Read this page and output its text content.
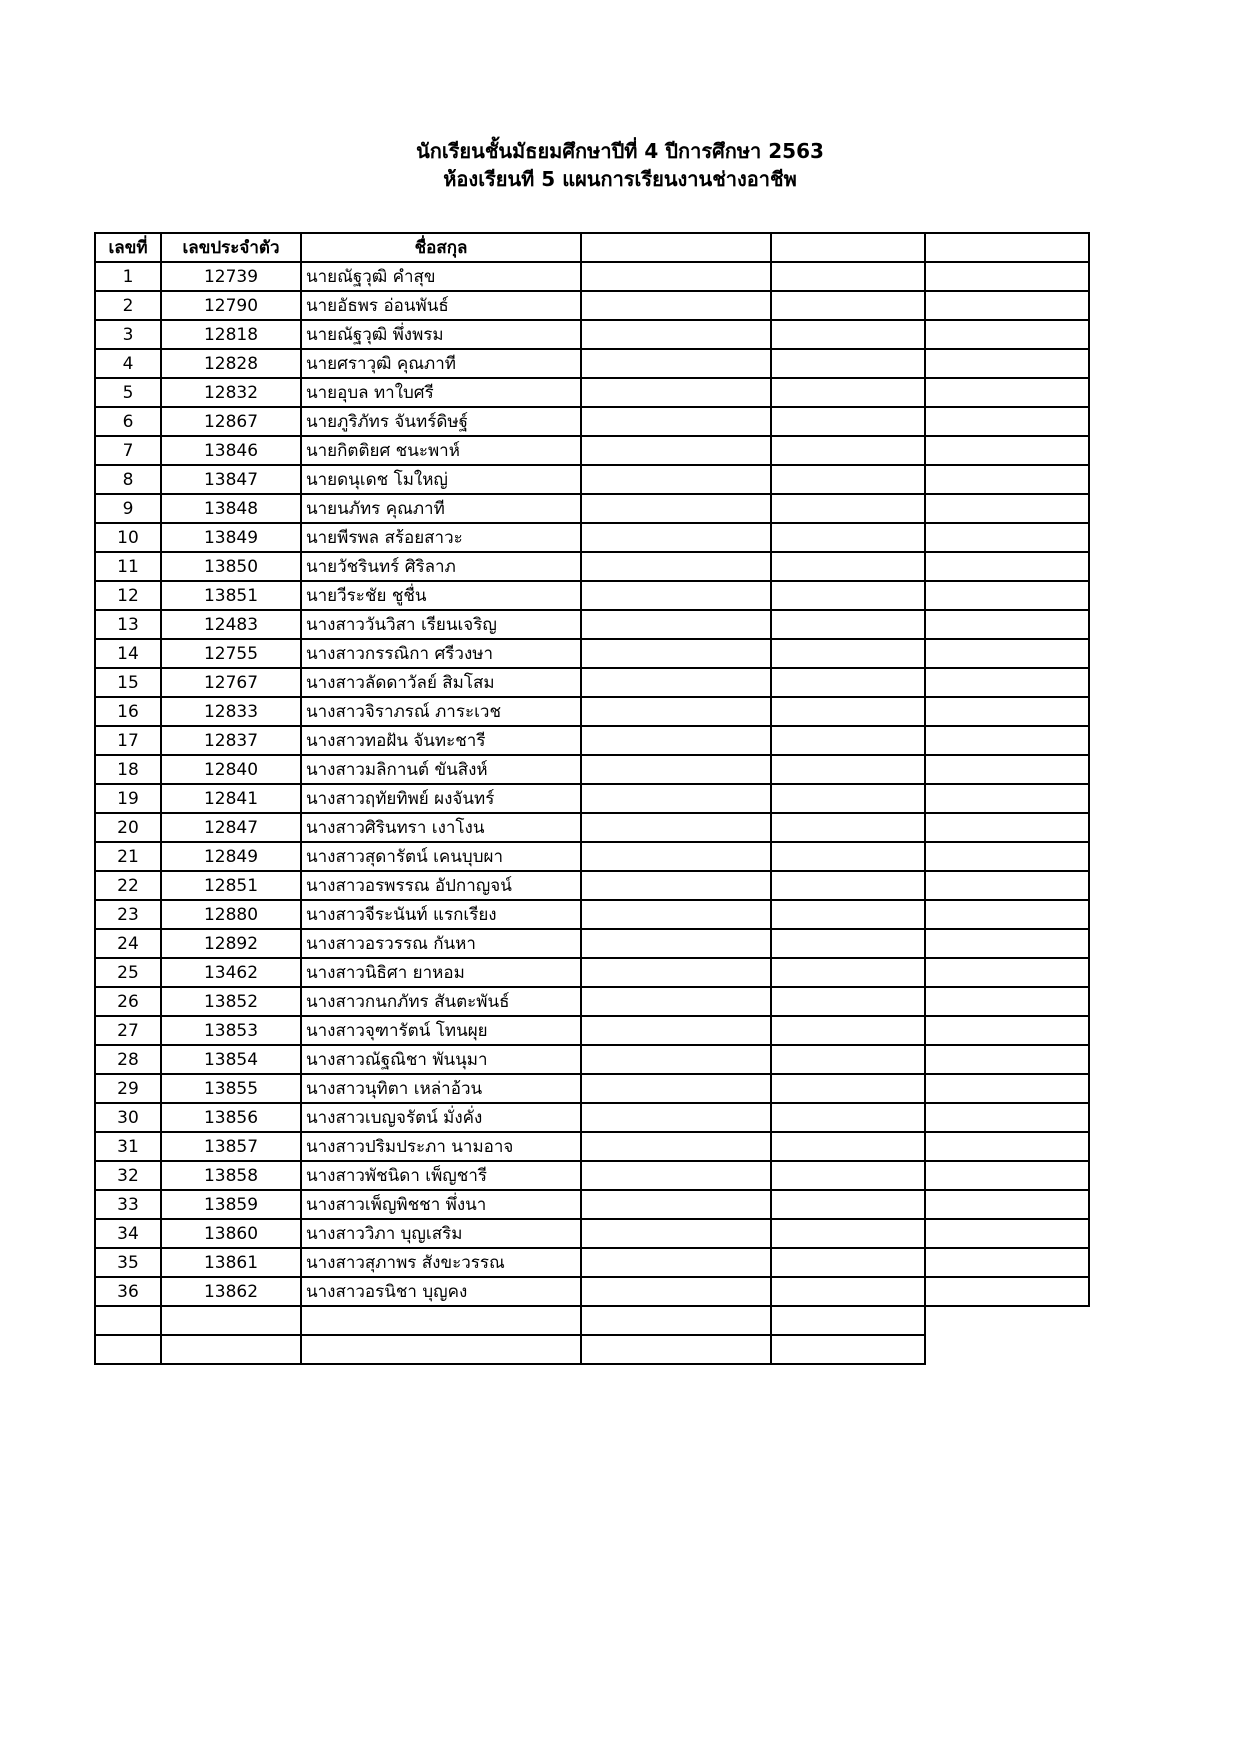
นักเรียนชั้นมัธยมศึกษาปีที่ 4 ปีการศึกษา 2563
ห้องเรียนที 5 แผนการเรียนงานช่างอาชีพ
เลขที่	เลขประจำตัว	ชื่อสกุล			
1	12739	นายณัฐวุฒิ คำสุข			
2	12790	นายอัธพร อ่อนพันธ์			
3	12818	นายณัฐวุฒิ พึ่งพรม			
4	12828	นายศราวุฒิ คุณภาที			
5	12832	นายอุบล ทาใบศรี			
6	12867	นายภูริภัทร จันทร์ดิษฐ์			
7	13846	นายกิตติยศ ชนะพาห์			
8	13847	นายดนุเดช โมใหญ่			
9	13848	นายนภัทร คุณภาที			
10	13849	นายพีรพล สร้อยสาวะ			
11	13850	นายวัชรินทร์ ศิริลาภ			
12	13851	นายวีระชัย ชูชื่น			
13	12483	นางสาววันวิสา เรียนเจริญ			
14	12755	นางสาวกรรณิกา ศรีวงษา			
15	12767	นางสาวลัดดาวัลย์ สิมโสม			
16	12833	นางสาวจิราภรณ์ ภาระเวช			
17	12837	นางสาวทอฝัน จันทะชารี			
18	12840	นางสาวมลิกานต์ ขันสิงห์			
19	12841	นางสาวฤทัยทิพย์ ผงจันทร์			
20	12847	นางสาวศิรินทรา เงาโงน			
21	12849	นางสาวสุดารัตน์ เคนบุบผา			
22	12851	นางสาวอรพรรณ อัปกาญจน์			
23	12880	นางสาวจีระนันท์ แรกเรียง			
24	12892	นางสาวอรวรรณ กันหา			
25	13462	นางสาวนิธิศา ยาหอม			
26	13852	นางสาวกนกภัทร สันตะพันธ์			
27	13853	นางสาวจุฑารัตน์ โทนผุย			
28	13854	นางสาวณัฐณิชา พันนุมา			
29	13855	นางสาวนุทิตา เหล่าอ้วน			
30	13856	นางสาวเบญจรัตน์ มั่งคั่ง			
31	13857	นางสาวปริมประภา นามอาจ			
32	13858	นางสาวพัชนิดา เพ็ญชารี			
33	13859	นางสาวเพ็ญพิชชา พึ่งนา			
34	13860	นางสาววิภา บุญเสริม			
35	13861	นางสาวสุภาพร สังขะวรรณ			
36	13862	นางสาวอรนิชา บุญคง			
